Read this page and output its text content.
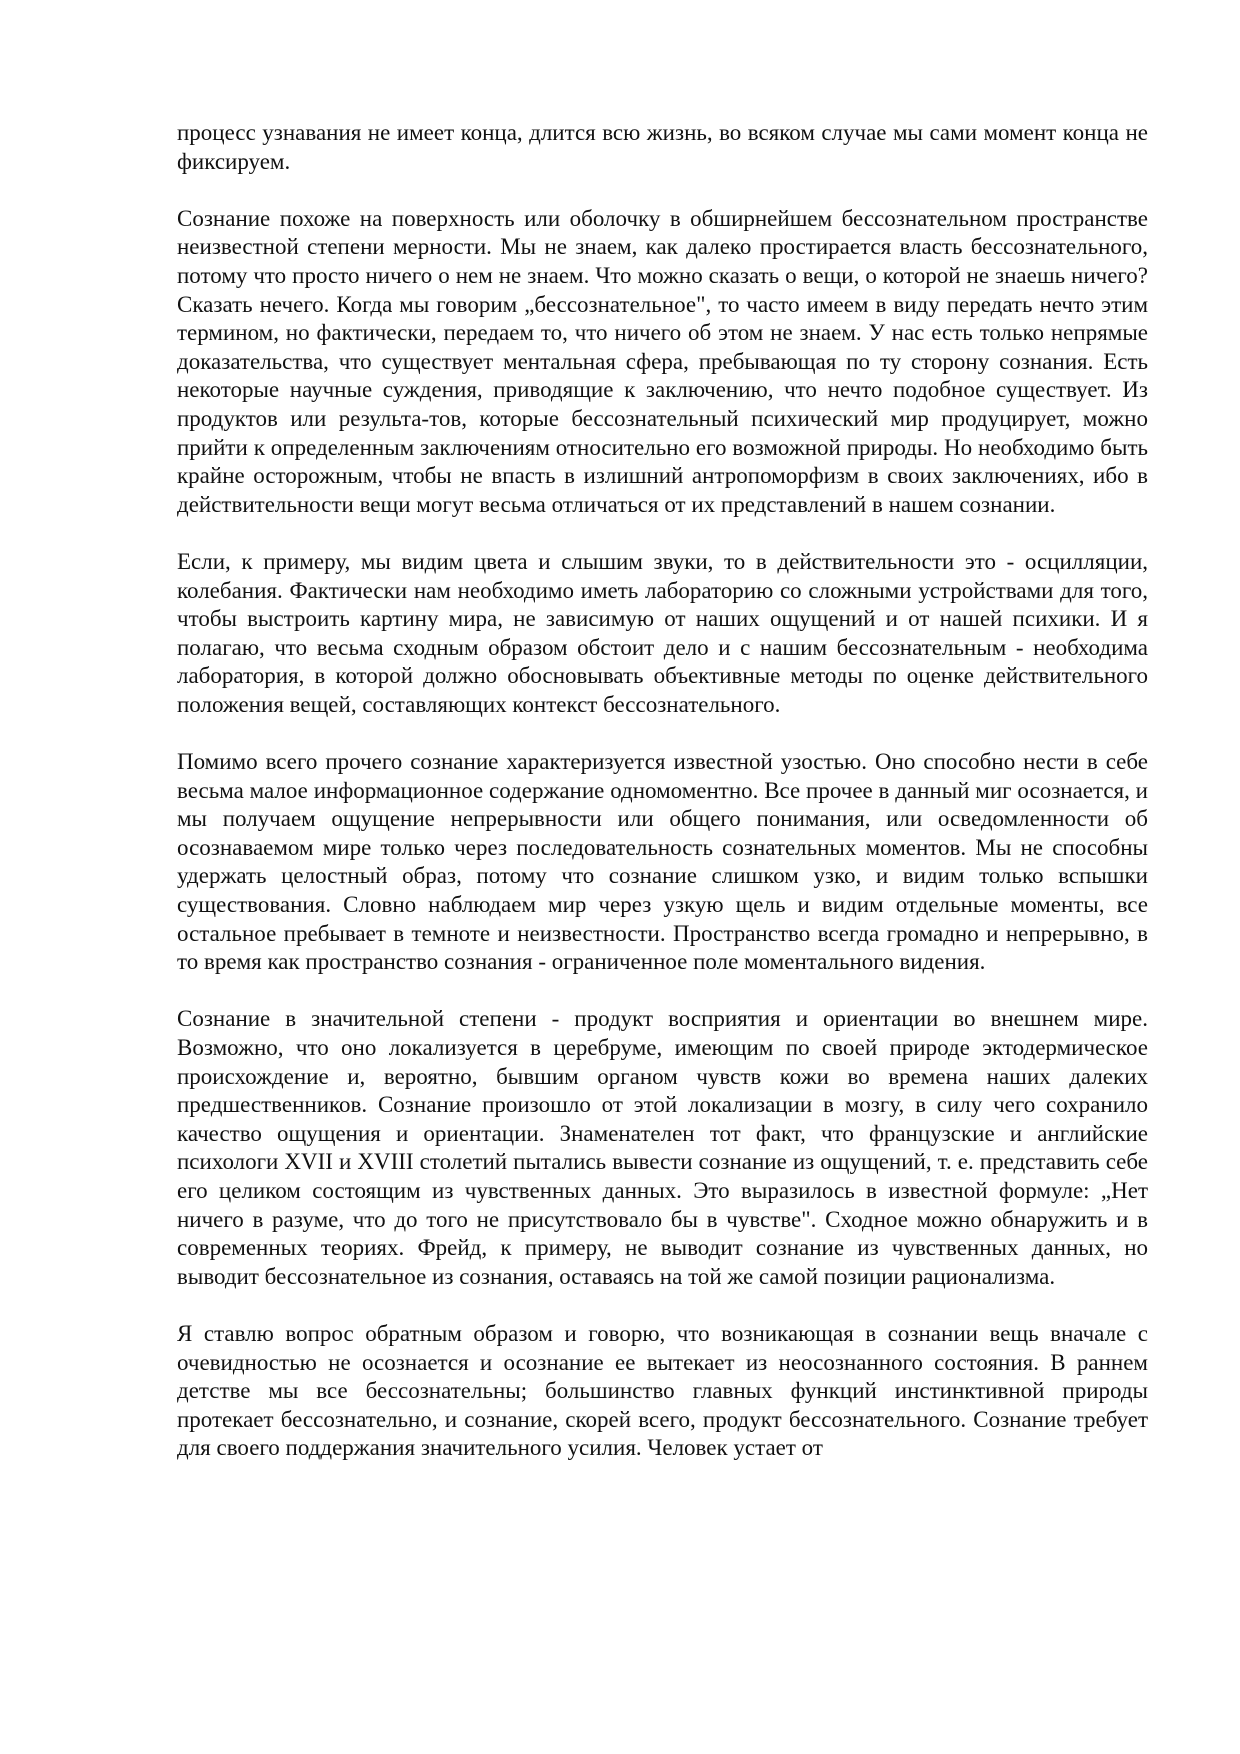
процесс узнавания не имеет конца, длится всю жизнь, во всяком случае мы сами момент конца не фиксируем.

Сознание похоже на поверхность или оболочку в обширнейшем бессознательном пространстве неизвестной степени мерности. Мы не знаем, как далеко простирается власть бессознательного, потому что просто ничего о нем не знаем. Что можно сказать о вещи, о которой не знаешь ничего? Сказать нечего. Когда мы говорим „бессознательное", то часто имеем в виду передать нечто этим термином, но фактически, передаем то, что ничего об этом не знаем. У нас есть только непрямые доказательства, что существует ментальная сфера, пребывающая по ту сторону сознания. Есть некоторые научные суждения, приводящие к заключению, что нечто подобное существует. Из продуктов или результа-тов, которые бессознательный психический мир продуцирует, можно прийти к определенным заключениям относительно его возможной природы. Но необходимо быть крайне осторожным, чтобы не впасть в излишний антропоморфизм в своих заключениях, ибо в действительности вещи могут весьма отличаться от их представлений в нашем сознании.

Если, к примеру, мы видим цвета и слышим звуки, то в действительности это - осцилляции, колебания. Фактически нам необходимо иметь лабораторию со сложными устройствами для того, чтобы выстроить картину мира, не зависимую от наших ощущений и от нашей психики. И я полагаю, что весьма сходным образом обстоит дело и с нашим бессознательным - необходима лаборатория, в которой должно обосновывать объективные методы по оценке действительного положения вещей, составляющих контекст бессознательного.

Помимо всего прочего сознание характеризуется известной узостью. Оно способно нести в себе весьма малое информационное содержание одномоментно. Все прочее в данный миг осознается, и мы получаем ощущение непрерывности или общего понимания, или осведомленности об осознаваемом мире только через последовательность сознательных моментов. Мы не способны удержать целостный образ, потому что сознание слишком узко, и видим только вспышки существования. Словно наблюдаем мир через узкую щель и видим отдельные моменты, все остальное пребывает в темноте и неизвестности. Пространство всегда громадно и непрерывно, в то время как пространство сознания - ограниченное поле моментального видения.

Сознание в значительной степени - продукт восприятия и ориентации во внешнем мире. Возможно, что оно локализуется в церебруме, имеющим по своей природе эктодермическое происхождение и, вероятно, бывшим органом чувств кожи во времена наших далеких предшественников. Сознание произошло от этой локализации в мозгу, в силу чего сохранило качество ощущения и ориентации. Знаменателен тот факт, что французские и английские психологи XVII и XVIII столетий пытались вывести сознание из ощущений, т. е. представить себе его целиком состоящим из чувственных данных. Это выразилось в известной формуле: „Нет ничего в разуме, что до того не присутствовало бы в чувстве". Сходное можно обнаружить и в современных теориях. Фрейд, к примеру, не выводит сознание из чувственных данных, но выводит бессознательное из сознания, оставаясь на той же самой позиции рационализма.

Я ставлю вопрос обратным образом и говорю, что возникающая в сознании вещь вначале с очевидностью не осознается и осознание ее вытекает из неосознанного состояния. В раннем детстве мы все бессознательны; большинство главных функций инстинктивной природы протекает бессознательно, и сознание, скорей всего, продукт бессознательного. Сознание требует для своего поддержания значительного усилия. Человек устает от
